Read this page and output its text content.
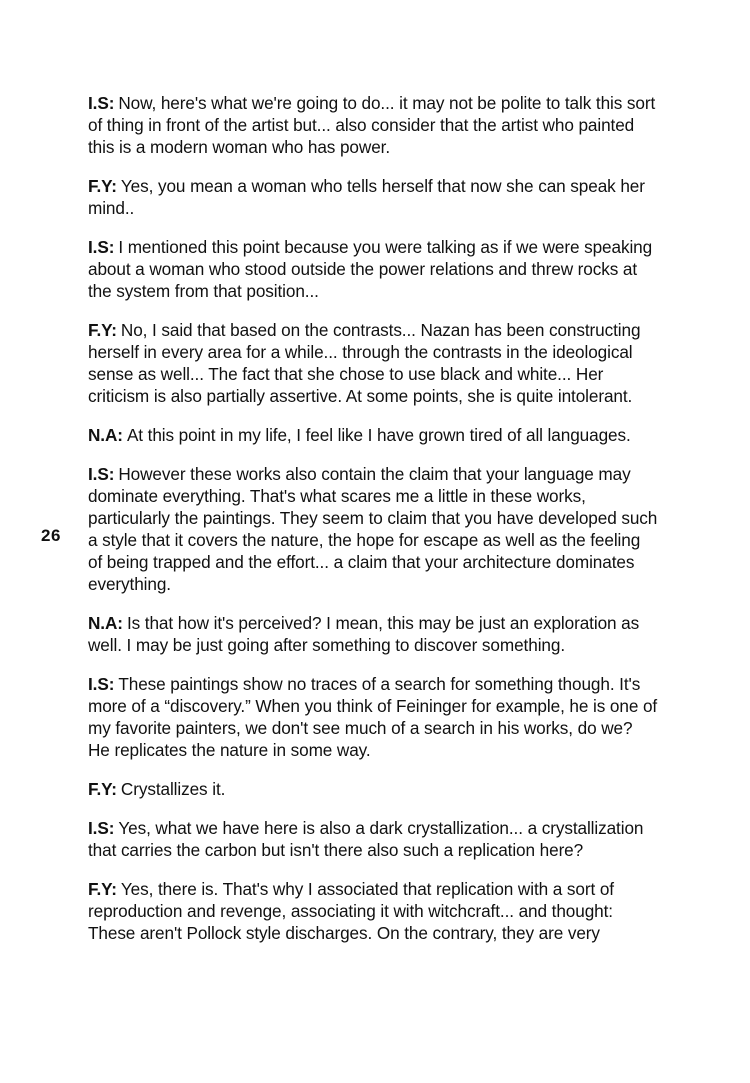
26

I.S: Now, here's what we're going to do... it may not be polite to talk this sort of thing in front of the artist but... also consider that the artist who painted this is a modern woman who has power.

F.Y: Yes, you mean a woman who tells herself that now she can speak her mind..

I.S: I mentioned this point because you were talking as if we were speaking about a woman who stood outside the power relations and threw rocks at the system from that position...

F.Y: No, I said that based on the contrasts... Nazan has been constructing herself in every area for a while... through the contrasts in the ideological sense as well... The fact that she chose to use black and white... Her criticism is also partially assertive. At some points, she is quite intolerant.

N.A: At this point in my life, I feel like I have grown tired of all languages.

I.S: However these works also contain the claim that your language may dominate everything. That's what scares me a little in these works, particularly the paintings. They seem to claim that you have developed such a style that it covers the nature, the hope for escape as well as the feeling of being trapped and the effort... a claim that your architecture dominates everything.

N.A: Is that how it's perceived? I mean, this may be just an exploration as well. I may be just going after something to discover something.

I.S: These paintings show no traces of a search for something though. It's more of a “discovery.” When you think of Feininger for example, he is one of my favorite painters, we don't see much of a search in his works, do we? He replicates the nature in some way.

F.Y: Crystallizes it.

I.S: Yes, what we have here is also a dark crystallization... a crystallization that carries the carbon but isn't there also such a replication here?

F.Y: Yes, there is. That's why I associated that replication with a sort of reproduction and revenge, associating it with witchcraft... and thought: These aren't Pollock style discharges. On the contrary, they are very
